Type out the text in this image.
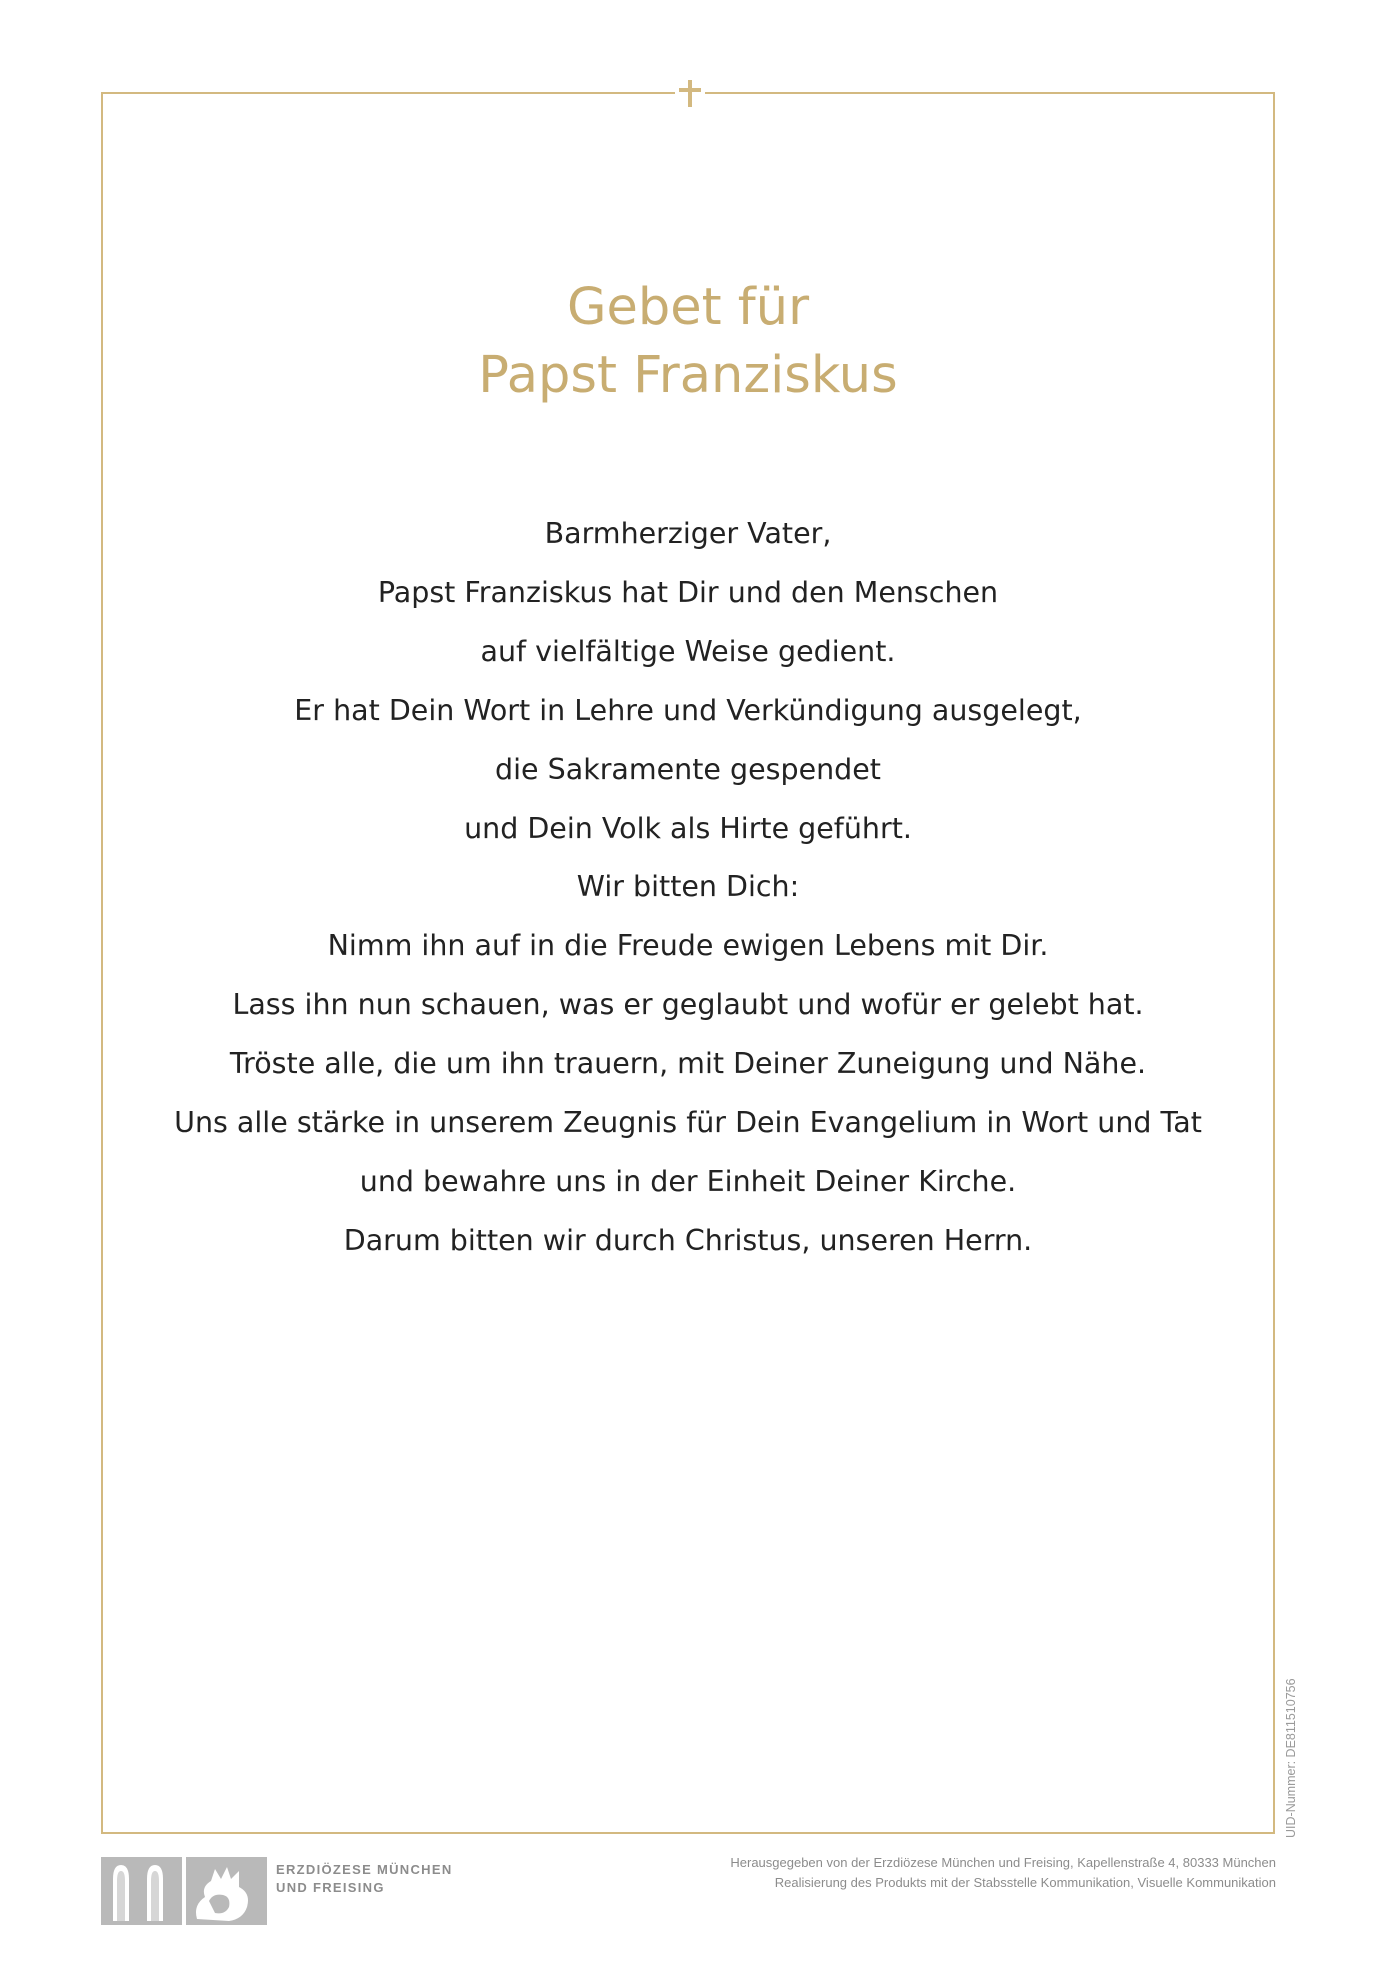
Gebet für
Papst Franziskus
Barmherziger Vater,
Papst Franziskus hat Dir und den Menschen
auf vielfältige Weise gedient.
Er hat Dein Wort in Lehre und Verkündigung ausgelegt,
die Sakramente gespendet
und Dein Volk als Hirte geführt.
Wir bitten Dich:
Nimm ihn auf in die Freude ewigen Lebens mit Dir.
Lass ihn nun schauen, was er geglaubt und wofür er gelebt hat.
Tröste alle, die um ihn trauern, mit Deiner Zuneigung und Nähe.
Uns alle stärke in unserem Zeugnis für Dein Evangelium in Wort und Tat
und bewahre uns in der Einheit Deiner Kirche.
Darum bitten wir durch Christus, unseren Herrn.
UID-Nummer: DE811510756
ERZDIÖZESE MÜNCHEN
UND FREISING
Herausgegeben von der Erzdiözese München und Freising, Kapellenstraße 4, 80333 München
Realisierung des Produkts mit der Stabsstelle Kommunikation, Visuelle Kommunikation
